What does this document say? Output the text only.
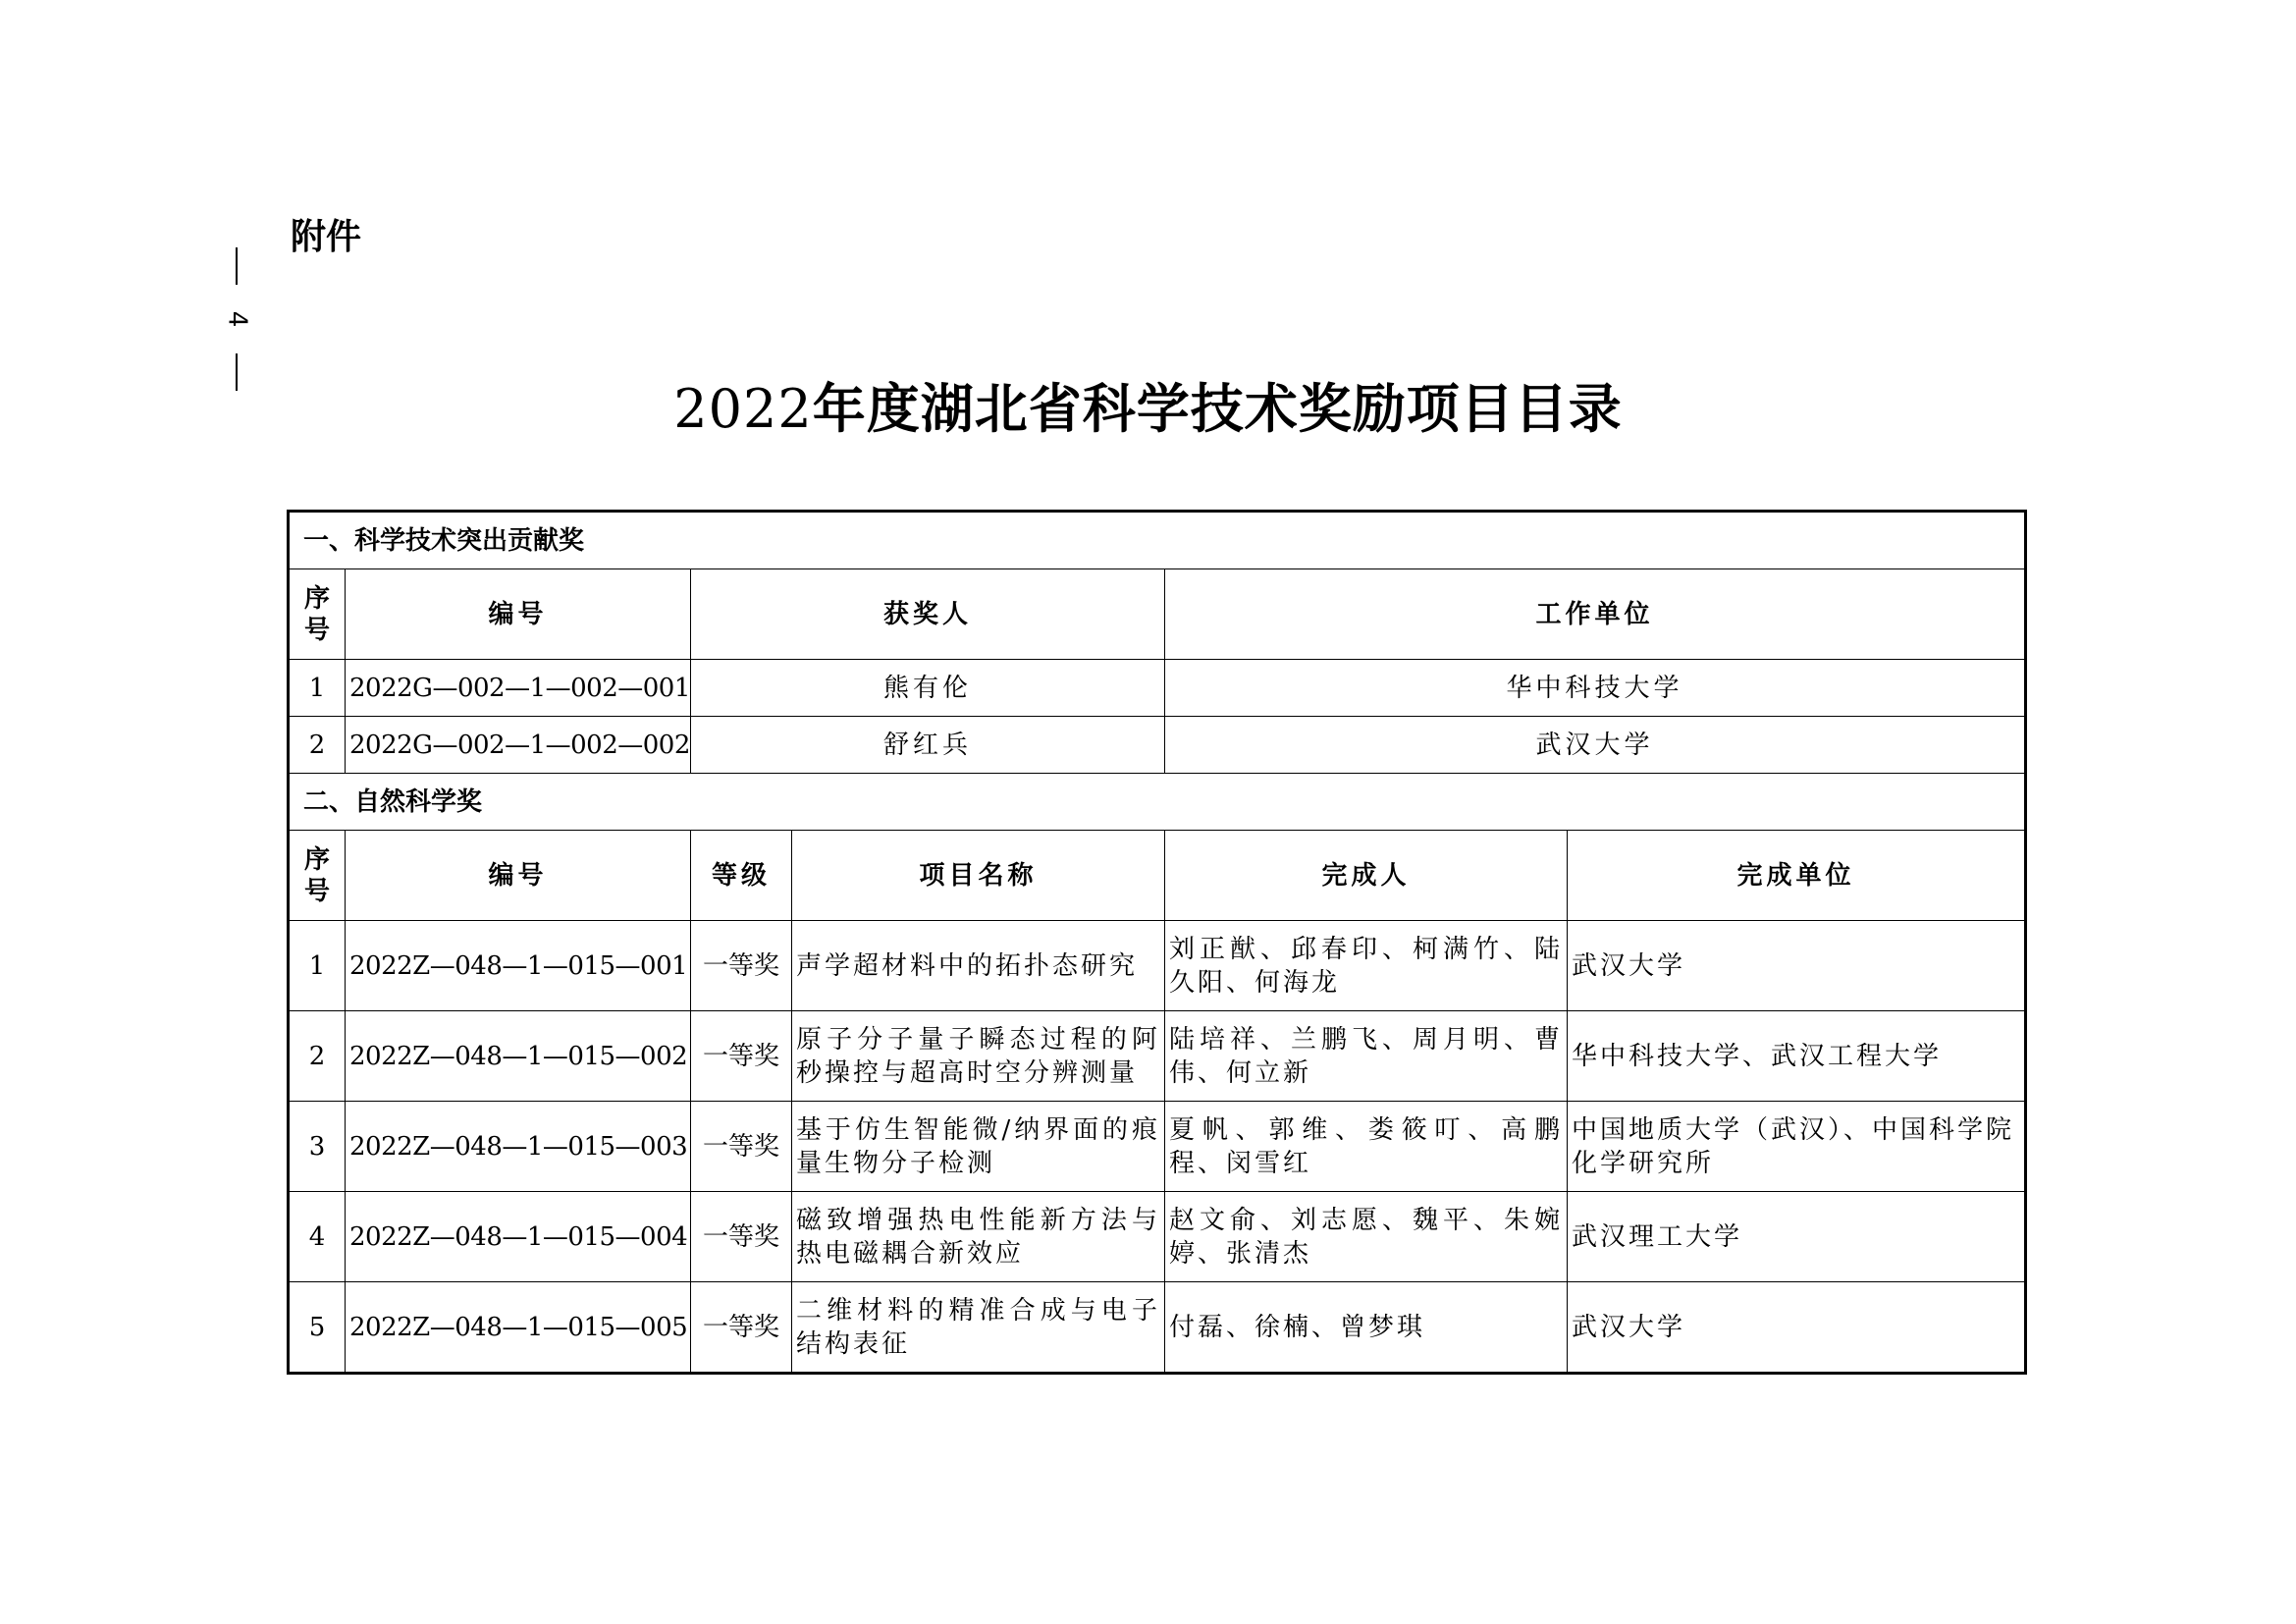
4
附件
2022年度湖北省科学技术奖励项目目录
一、科学技术突出贡献奖					
序号	编号	获奖人		工作单位	
1	2022G—002—1—002—001	熊有伦		华中科技大学	
2	2022G—002—1—002—002	舒红兵		武汉大学	
二、自然科学奖					
序号	编号	等级	项目名称	完成人	完成单位
1	2022Z—048—1—015—001	一等奖	声学超材料中的拓扑态研究	刘正猷、邱春印、柯满竹、陆久阳、何海龙	武汉大学
2	2022Z—048—1—015—002	一等奖	原子分子量子瞬态过程的阿秒操控与超高时空分辨测量	陆培祥、兰鹏飞、周月明、曹伟、何立新	华中科技大学、武汉工程大学
3	2022Z—048—1—015—003	一等奖	基于仿生智能微/纳界面的痕量生物分子检测	夏帆、郭维、娄筱叮、高鹏程、闵雪红	中国地质大学（武汉）、中国科学院化学研究所
4	2022Z—048—1—015—004	一等奖	磁致增强热电性能新方法与热电磁耦合新效应	赵文俞、刘志愿、魏平、朱婉婷、张清杰	武汉理工大学
5	2022Z—048—1—015—005	一等奖	二维材料的精准合成与电子结构表征	付磊、徐楠、曾梦琪	武汉大学
